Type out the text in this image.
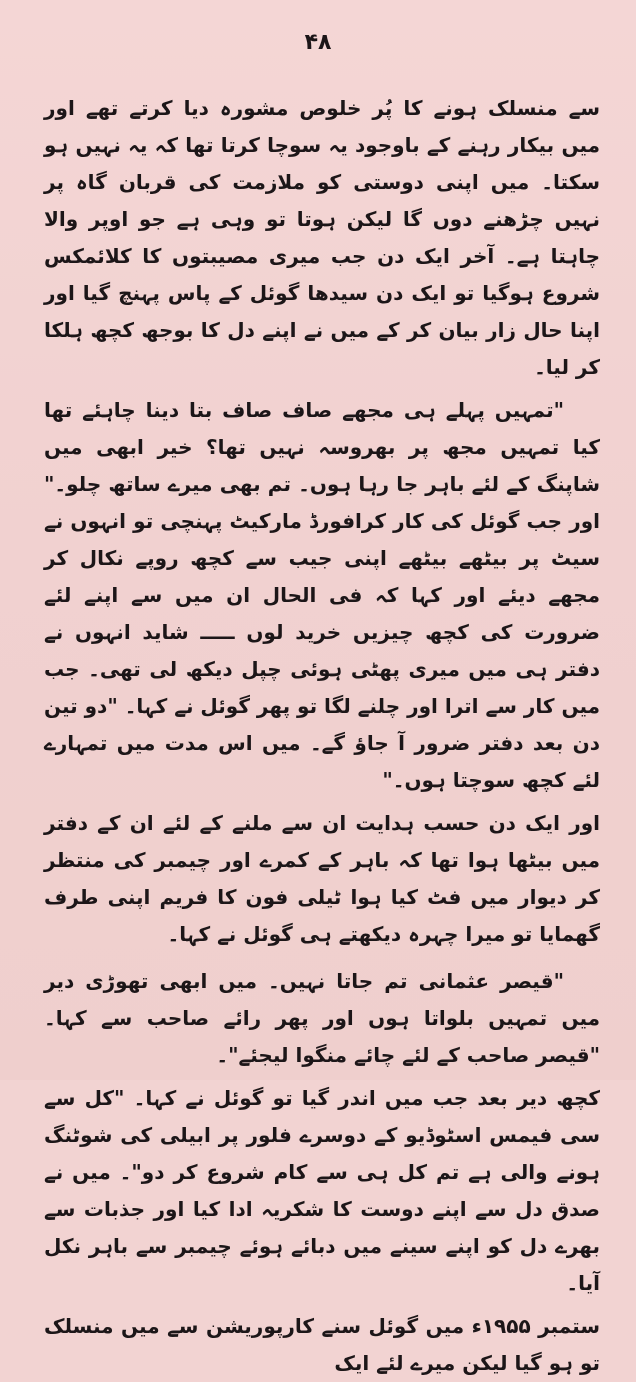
۴۸

سے منسلک ہونے کا پُر خلوص مشورہ دیا کرتے تھے اور میں بیکار رہنے کے باوجود یہ سوچا کرتا تھا کہ یہ نہیں ہو سکتا۔ میں اپنی دوستی کو ملازمت کی قربان گاہ پر نہیں چڑھنے دوں گا لیکن ہوتا تو وہی ہے جو اوپر والا چاہتا ہے۔ آخر ایک دن جب میری مصیبتوں کا کلائمکس شروع ہوگیا تو ایک دن سیدھا گوئل کے پاس پہنچ گیا اور اپنا حال زار بیان کر کے میں نے اپنے دل کا بوجھ کچھ ہلکا کر لیا۔

"تمہیں پہلے ہی مجھے صاف صاف بتا دینا چاہئے تھا کیا تمہیں مجھ پر بھروسہ نہیں تھا؟ خیر ابھی میں شاپنگ کے لئے باہر جا رہا ہوں۔ تم بھی میرے ساتھ چلو۔" اور جب گوئل کی کار کرافورڈ مارکیٹ پہنچی تو انہوں نے سیٹ پر بیٹھے بیٹھے اپنی جیب سے کچھ روپے نکال کر مجھے دیئے اور کہا کہ فی الحال ان میں سے اپنے لئے ضرورت کی کچھ چیزیں خرید لوں ـــــ شاید انہوں نے دفتر ہی میں میری پھٹی ہوئی چپل دیکھ لی تھی۔ جب میں کار سے اترا اور چلنے لگا تو پھر گوئل نے کہا۔ "دو تین دن بعد دفتر ضرور آ جاؤ گے۔ میں اس مدت میں تمہارے لئے کچھ سوچتا ہوں۔"

اور ایک دن حسب ہدایت ان سے ملنے کے لئے ان کے دفتر میں بیٹھا ہوا تھا کہ باہر کے کمرے اور چیمبر کی منتظر کر دیوار میں فٹ کیا ہوا ٹیلی فون کا فریم اپنی طرف گھمایا تو میرا چہرہ دیکھتے ہی گوئل نے کہا۔

"قیصر عثمانی تم جاتا نہیں۔ میں ابھی تھوڑی دیر میں تمہیں بلواتا ہوں اور پھر رائے صاحب سے کہا۔ "قیصر صاحب کے لئے چائے منگوا لیجئے"۔

کچھ دیر بعد جب میں اندر گیا تو گوئل نے کہا۔ "کل سے سی فیمس اسٹوڈیو کے دوسرے فلور پر ابیلی کی شوٹنگ ہونے والی ہے تم کل ہی سے کام شروع کر دو"۔ میں نے صدق دل سے اپنے دوست کا شکریہ ادا کیا اور جذبات سے بھرے دل کو اپنے سینے میں دبائے ہوئے چیمبر سے باہر نکل آیا۔

ستمبر ۱۹۵۵ء میں گوئل سنے کارپوریشن سے میں منسلک تو ہو گیا لیکن میرے لئے ایک
